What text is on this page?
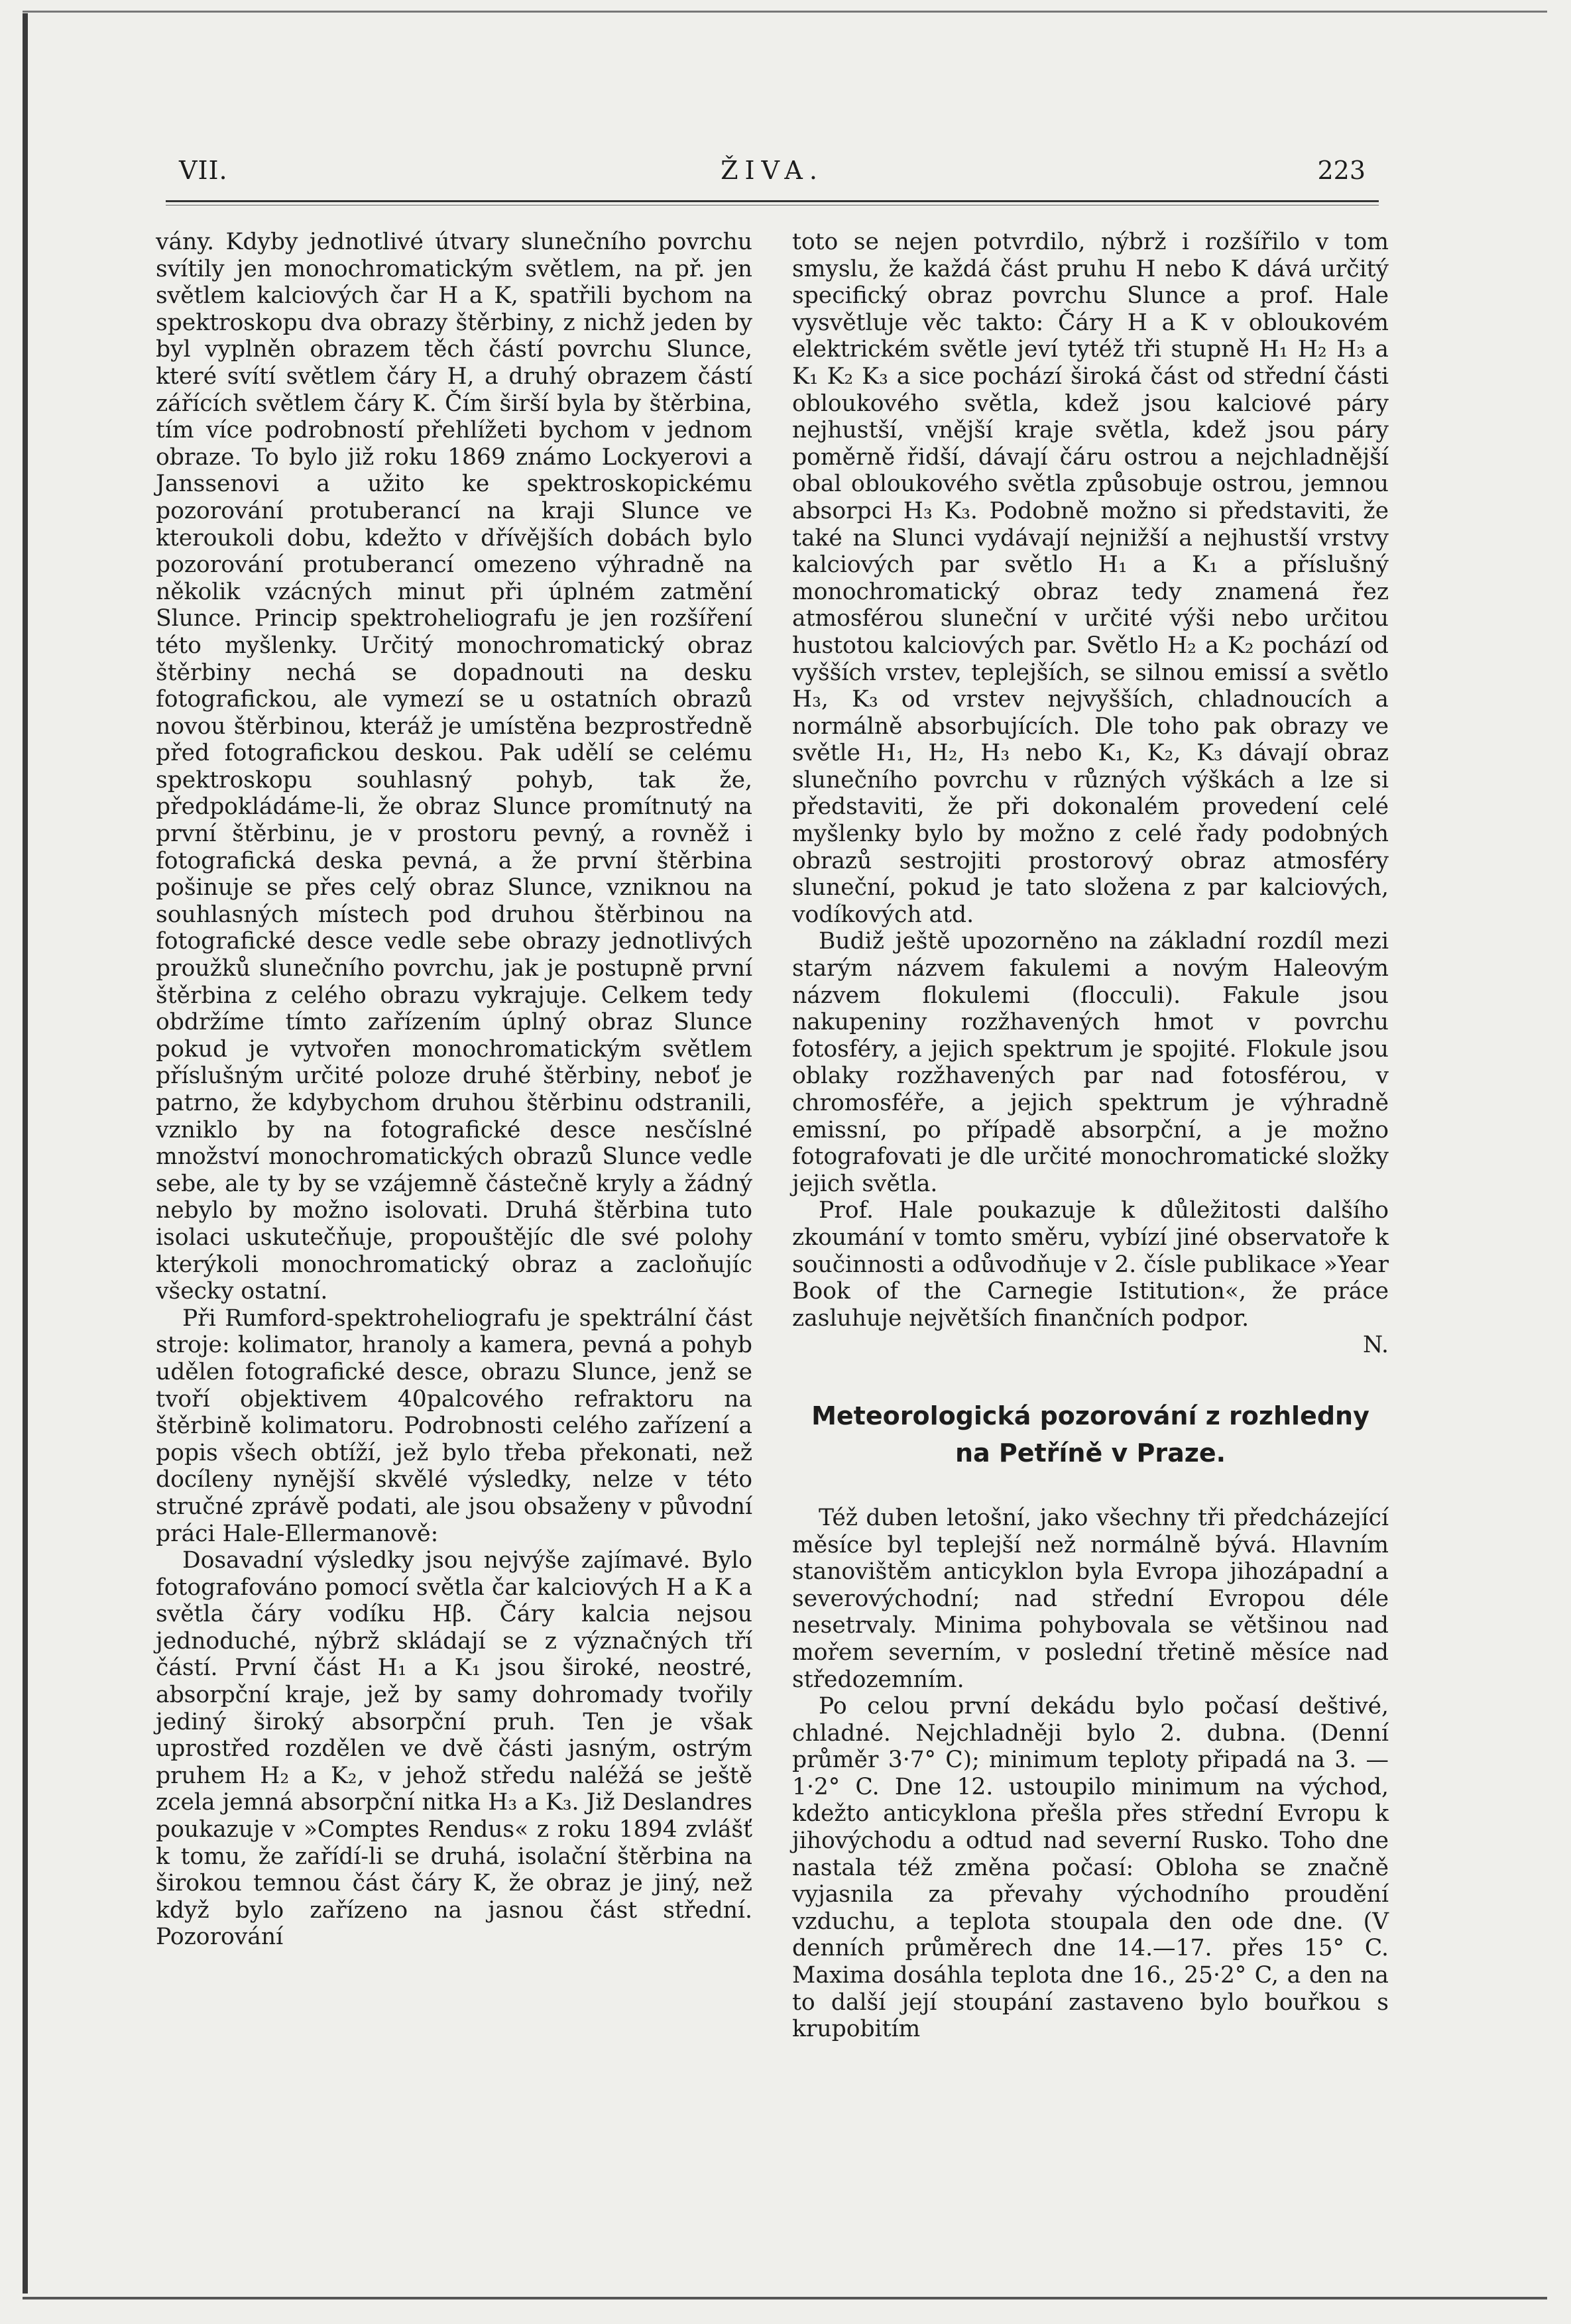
VII.	ŽIVA.	223

vány. Kdyby jednotlivé útvary slunečního povrchu svítily jen monochromatickým světlem, na př. jen světlem kalciových čar H a K, spatřili bychom na spektroskopu dva obrazy štěrbiny, z nichž jeden by byl vyplněn obrazem těch částí povrchu Slunce, které svítí světlem čáry H, a druhý obrazem částí zářících světlem čáry K. Čím širší byla by štěrbina, tím více podrobností přehlížeti bychom v jednom obraze. To bylo již roku 1869 známo Lockyerovi a Janssenovi a užito ke spektroskopickému pozorování protuberancí na kraji Slunce ve kteroukoli dobu, kdežto v dřívějších dobách bylo pozorování protuberancí omezeno výhradně na několik vzácných minut při úplném zatmění Slunce. Princip spektroheliografu je jen rozšíření této myšlenky. Určitý monochromatický obraz štěrbiny nechá se dopadnouti na desku fotografickou, ale vymezí se u ostatních obrazů novou štěrbinou, kteráž je umístěna bezprostředně před fotografickou deskou. Pak udělí se celému spektroskopu souhlasný pohyb, tak že, předpokládáme-li, že obraz Slunce promítnutý na první štěrbinu, je v prostoru pevný, a rovněž i fotografická deska pevná, a že první štěrbina pošinuje se přes celý obraz Slunce, vzniknou na souhlasných místech pod druhou štěrbinou na fotografické desce vedle sebe obrazy jednotlivých proužků slunečního povrchu, jak je postupně první štěrbina z celého obrazu vykrajuje. Celkem tedy obdržíme tímto zařízením úplný obraz Slunce pokud je vytvořen monochromatickým světlem příslušným určité poloze druhé štěrbiny, neboť je patrno, že kdybychom druhou štěrbinu odstranili, vzniklo by na fotografické desce nesčíslné množství monochromatických obrazů Slunce vedle sebe, ale ty by se vzájemně částečně kryly a žádný nebylo by možno isolovati. Druhá štěrbina tuto isolaci uskutečňuje, propouštějíc dle své polohy kterýkoli monochromatický obraz a zacloňujíc všecky ostatní.

Při Rumford-spektroheliografu je spektrální část stroje: kolimator, hranoly a kamera, pevná a pohyb udělen fotografické desce, obrazu Slunce, jenž se tvoří objektivem 40palcového refraktoru na štěrbině kolimatoru. Podrobnosti celého zařízení a popis všech obtíží, jež bylo třeba překonati, než docíleny nynější skvělé výsledky, nelze v této stručné zprávě podati, ale jsou obsaženy v původní práci Hale-Ellermanově:

Dosavadní výsledky jsou nejvýše zajímavé. Bylo fotografováno pomocí světla čar kalciových H a K a světla čáry vodíku Hβ. Čáry kalcia nejsou jednoduché, nýbrž skládají se z význačných tří částí. První část H₁ a K₁ jsou široké, neostré, absorpční kraje, jež by samy dohromady tvořily jediný široký absorpční pruh. Ten je však uprostřed rozdělen ve dvě části jasným, ostrým pruhem H₂ a K₂, v jehož středu naléžá se ještě zcela jemná absorpční nitka H₃ a K₃. Již Deslandres poukazuje v »Comptes Rendus« z roku 1894 zvlášť k tomu, že zařídí-li se druhá, isolační štěrbina na širokou temnou část čáry K, že obraz je jiný, než když bylo zařízeno na jasnou část střední. Pozorování

toto se nejen potvrdilo, nýbrž i rozšířilo v tom smyslu, že každá část pruhu H nebo K dává určitý specifický obraz povrchu Slunce a prof. Hale vysvětluje věc takto: Čáry H a K v obloukovém elektrickém světle jeví tytéž tři stupně H₁ H₂ H₃ a K₁ K₂ K₃ a sice pochází široká část od střední části obloukového světla, kdež jsou kalciové páry nejhustší, vnější kraje světla, kdež jsou páry poměrně řidší, dávají čáru ostrou a nejchladnější obal obloukového světla způsobuje ostrou, jemnou absorpci H₃ K₃. Podobně možno si představiti, že také na Slunci vydávají nejnižší a nejhustší vrstvy kalciových par světlo H₁ a K₁ a příslušný monochromatický obraz tedy znamená řez atmosférou sluneční v určité výši nebo určitou hustotou kalciových par. Světlo H₂ a K₂ pochází od vyšších vrstev, teplejších, se silnou emissí a světlo H₃, K₃ od vrstev nejvyšších, chladnoucích a normálně absorbujících. Dle toho pak obrazy ve světle H₁, H₂, H₃ nebo K₁, K₂, K₃ dávají obraz slunečního povrchu v různých výškách a lze si představiti, že při dokonalém provedení celé myšlenky bylo by možno z celé řady podobných obrazů sestrojiti prostorový obraz atmosféry sluneční, pokud je tato složena z par kalciových, vodíkových atd.

Budiž ještě upozorněno na základní rozdíl mezi starým názvem fakulemi a novým Haleovým názvem flokulemi (flocculi). Fakule jsou nakupeniny rozžhavených hmot v povrchu fotosféry, a jejich spektrum je spojité. Flokule jsou oblaky rozžhavených par nad fotosférou, v chromosféře, a jejich spektrum je výhradně emissní, po případě absorpční, a je možno fotografovati je dle určité monochromatické složky jejich světla.

Prof. Hale poukazuje k důležitosti dalšího zkoumání v tomto směru, vybízí jiné observatoře k součinnosti a odůvodňuje v 2. čísle publikace »Year Book of the Carnegie Istitution«, že práce zasluhuje největších finančních podpor.

N.

Meteorologická pozorování z rozhledny na Petříně v Praze.

Též duben letošní, jako všechny tři předcházející měsíce byl teplejší než normálně bývá. Hlavním stanovištěm anticyklon byla Evropa jihozápadní a severovýchodní; nad střední Evropou déle nesetrvaly. Minima pohybovala se většinou nad mořem severním, v poslední třetině měsíce nad středozemním.

Po celou první dekádu bylo počasí deštivé, chladné. Nejchladněji bylo 2. dubna. (Denní průměr 3·7° C); minimum teploty připadá na 3. —1·2° C. Dne 12. ustoupilo minimum na východ, kdežto anticyklona přešla přes střední Evropu k jihovýchodu a odtud nad severní Rusko. Toho dne nastala též změna počasí: Obloha se značně vyjasnila za převahy východního proudění vzduchu, a teplota stoupala den ode dne. (V denních průměrech dne 14.—17. přes 15° C. Maxima dosáhla teplota dne 16., 25·2° C, a den na to další její stoupání zastaveno bylo bouřkou s krupobitím
